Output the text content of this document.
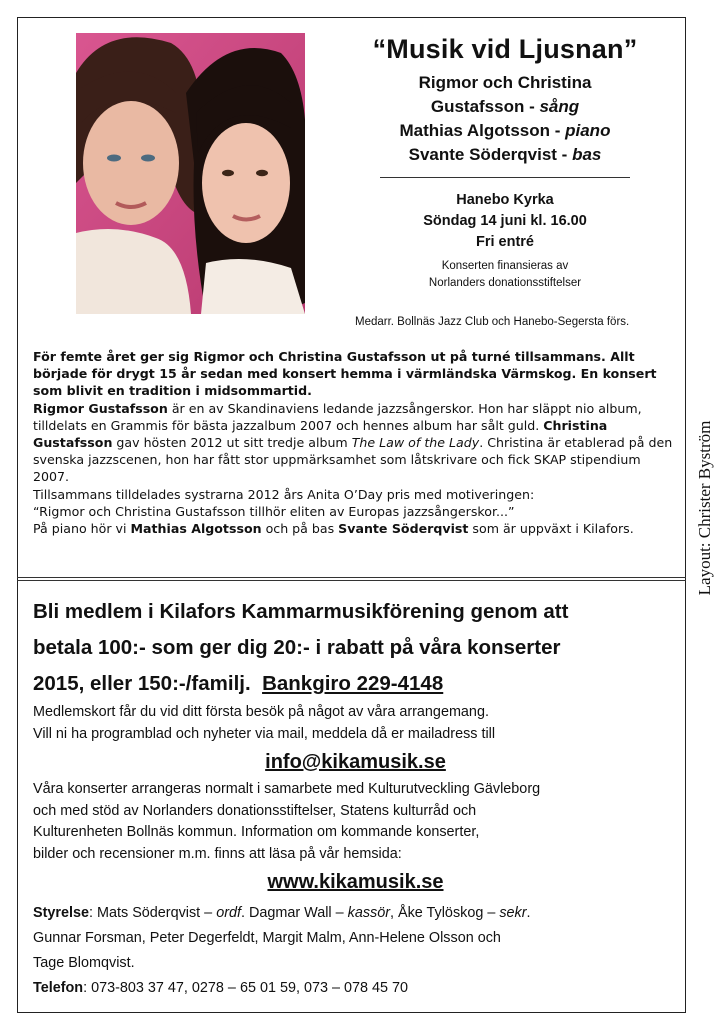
“Musik vid Ljusnan”

Rigmor och Christina
Gustafsson - sång
Mathias Algotsson - piano
Svante Söderqvist - bas
Hanebo Kyrka
Söndag 14 juni kl. 16.00
Fri entré
Konserten finansieras av
Norlanders donationsstiftelser
Medarr. Bollnäs Jazz Club och Hanebo-Segersta förs.

För femte året ger sig Rigmor och Christina Gustafsson ut på turné tillsammans. Allt började för drygt 15 år sedan med konsert hemma i värmländska Värmskog. En konsert som blivit en tradition i midsommartid.

Rigmor Gustafsson är en av Skandinaviens ledande jazzsångerskor. Hon har släppt nio album, tilldelats en Grammis för bästa jazzalbum 2007 och hennes album har sålt guld. Christina Gustafsson gav hösten 2012 ut sitt tredje album The Law of the Lady. Christina är etablerad på den svenska jazzscenen, hon har fått stor uppmärksamhet som låtskrivare och fick SKAP stipendium 2007.

Tillsammans tilldelades systrarna 2012 års Anita O’Day pris med motiveringen:

“Rigmor och Christina Gustafsson tillhör eliten av Europas jazzsångerskor...”

På piano hör vi Mathias Algotsson och på bas Svante Söderqvist som är uppväxt i Kilafors.	Layout: Christer Byström

Bli medlem i Kilafors Kammarmusikförening genom att

betala 100:- som ger dig 20:- i rabatt på våra konserter

2015, eller 150:-/familj. Bankgiro 229-4148

Medlemskort får du vid ditt första besök på något av våra arrangemang.

Vill ni ha programblad och nyheter via mail, meddela då er mailadress till

info@kikamusik.se

Våra konserter arrangeras normalt i samarbete med Kulturutveckling Gävleborg

och med stöd av Norlanders donationsstiftelser, Statens kulturråd och

Kulturenheten Bollnäs kommun. Information om kommande konserter,

bilder och recensioner m.m. finns att läsa på vår hemsida:

www.kikamusik.se

Styrelse: Mats Söderqvist – ordf. Dagmar Wall – kassör, Åke Tylöskog – sekr.

Gunnar Forsman, Peter Degerfeldt, Margit Malm, Ann-Helene Olsson och

Tage Blomqvist.

Telefon: 073-803 37 47, 0278 – 65 01 59, 073 – 078 45 70
